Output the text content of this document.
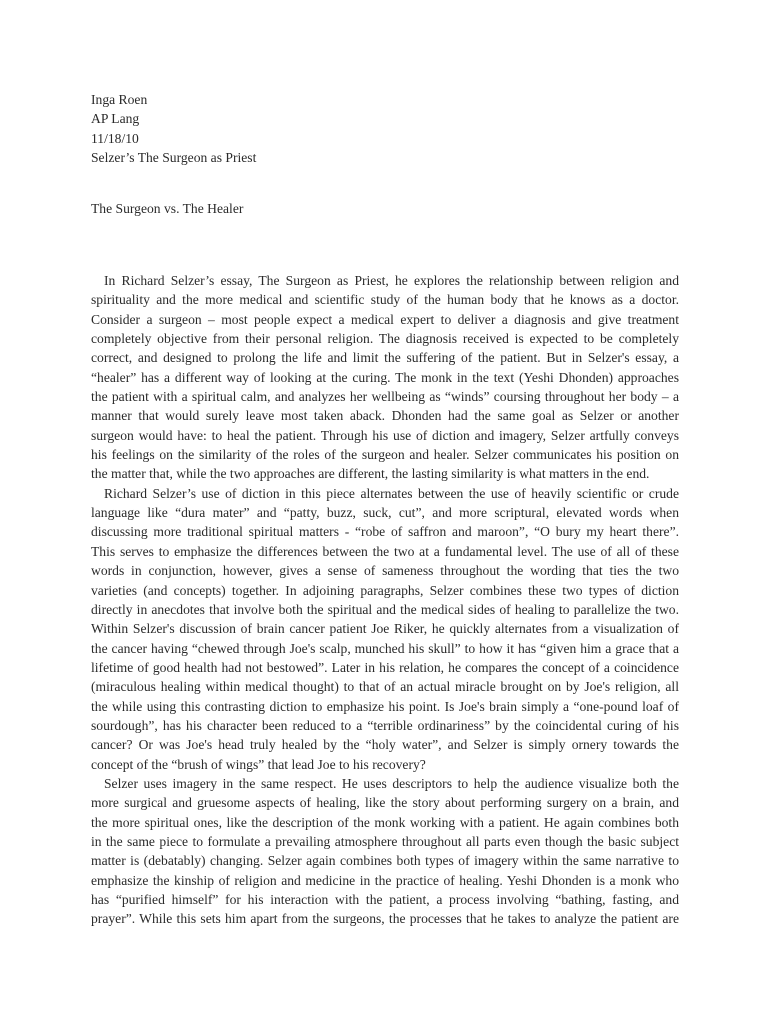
Inga Roen
AP Lang
11/18/10
Selzer’s The Surgeon as Priest
The Surgeon vs. The Healer
In Richard Selzer’s essay, The Surgeon as Priest, he explores the relationship between religion and
spirituality and the more medical and scientific study of the human body that he knows as a doctor.
Consider a surgeon – most people expect a medical expert to deliver a diagnosis and give treatment
completely objective from their personal religion. The diagnosis received is expected to be completely
correct, and designed to prolong the life and limit the suffering of the patient. But in Selzer's essay, a
“healer” has a different way of looking at the curing. The monk in the text (Yeshi Dhonden) approaches
the patient with a spiritual calm, and analyzes her wellbeing as “winds” coursing throughout her body – a
manner that would surely leave most taken aback. Dhonden had the same goal as Selzer or another
surgeon would have: to heal the patient. Through his use of diction and imagery, Selzer artfully conveys
his feelings on the similarity of the roles of the surgeon and healer. Selzer communicates his position on
the matter that, while the two approaches are different, the lasting similarity is what matters in the end.
Richard Selzer’s use of diction in this piece alternates between the use of heavily scientific or crude
language like “dura mater” and “patty, buzz, suck, cut”, and more scriptural, elevated words when
discussing more traditional spiritual matters - “robe of saffron and maroon”, “O bury my heart there”.
This serves to emphasize the differences between the two at a fundamental level. The use of all of these
words in conjunction, however, gives a sense of sameness throughout the wording that ties the two
varieties (and concepts) together. In adjoining paragraphs, Selzer combines these two types of diction
directly in anecdotes that involve both the spiritual and the medical sides of healing to parallelize the two.
Within Selzer's discussion of brain cancer patient Joe Riker, he quickly alternates from a visualization of
the cancer having “chewed through Joe's scalp, munched his skull” to how it has “given him a grace that a
lifetime of good health had not bestowed”. Later in his relation, he compares the concept of a coincidence
(miraculous healing within medical thought) to that of an actual miracle brought on by Joe's religion, all
the while using this contrasting diction to emphasize his point. Is Joe's brain simply a “one-pound loaf of
sourdough”, has his character been reduced to a “terrible ordinariness” by the coincidental curing of his
cancer? Or was Joe's head truly healed by the “holy water”, and Selzer is simply ornery towards the
concept of the “brush of wings” that lead Joe to his recovery?
Selzer uses imagery in the same respect. He uses descriptors to help the audience visualize both the
more surgical and gruesome aspects of healing, like the story about performing surgery on a brain, and
the more spiritual ones, like the description of the monk working with a patient. He again combines both
in the same piece to formulate a prevailing atmosphere throughout all parts even though the basic subject
matter is (debatably) changing. Selzer again combines both types of imagery within the same narrative to
emphasize the kinship of religion and medicine in the practice of healing. Yeshi Dhonden is a monk who
has “purified himself” for his interaction with the patient, a process involving “bathing, fasting, and
prayer”. While this sets him apart from the surgeons, the processes that he takes to analyze the patient are
